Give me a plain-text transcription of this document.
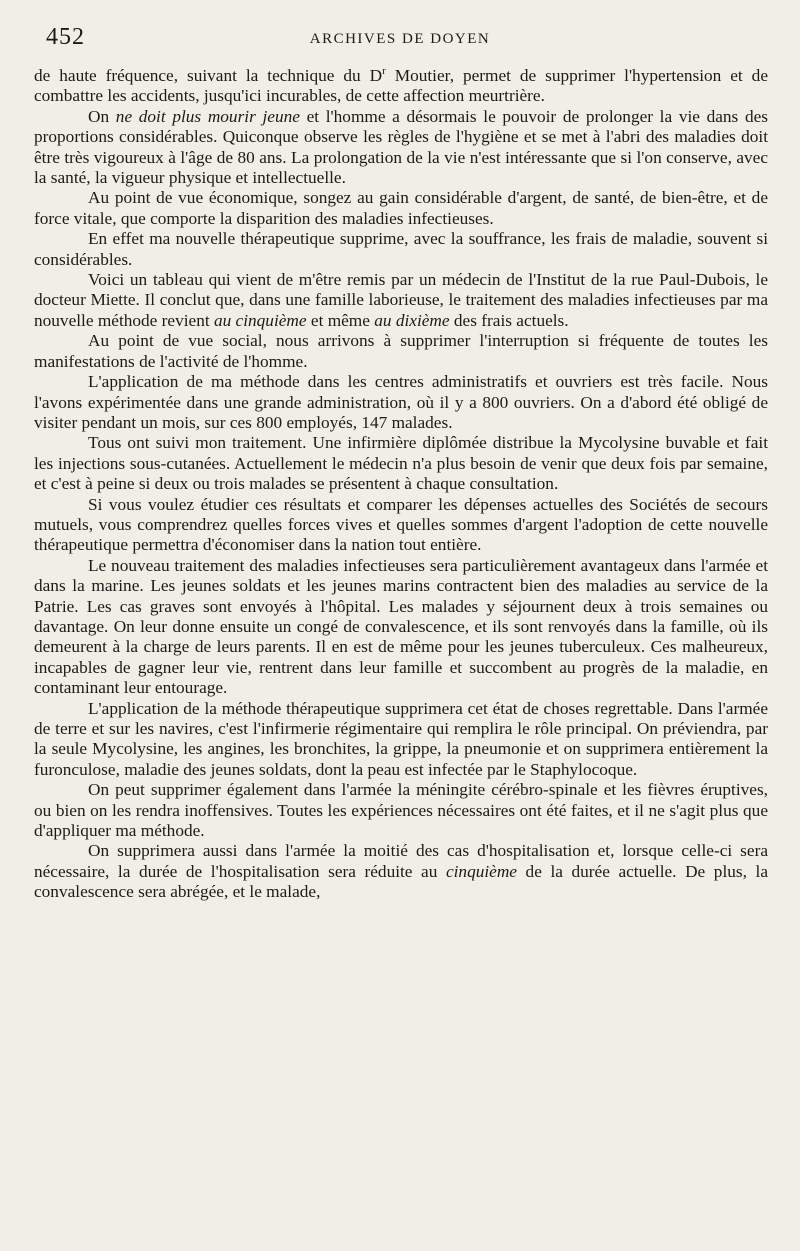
452	ARCHIVES DE DOYEN

de haute fréquence, suivant la technique du $D^r$ Moutier, permet de supprimer l'hypertension et de combattre les accidents, jusqu'ici incurables, de cette affection meurtrière.

On ne doit plus mourir jeune et l'homme a désormais le pouvoir de prolonger la vie dans des proportions considérables. Quiconque observe les règles de l'hygiène et se met à l'abri des maladies doit être très vigoureux à l'âge de 80 ans. La prolongation de la vie n'est intéressante que si l'on conserve, avec la santé, la vigueur physique et intellectuelle.

Au point de vue économique, songez au gain considérable d'argent, de santé, de bien-être, et de force vitale, que comporte la disparition des maladies infectieuses.

En effet ma nouvelle thérapeutique supprime, avec la souffrance, les frais de maladie, souvent si considérables.

Voici un tableau qui vient de m'être remis par un médecin de l'Institut de la rue Paul-Dubois, le docteur Miette. Il conclut que, dans une famille laborieuse, le traitement des maladies infectieuses par ma nouvelle méthode revient au cinquième et même au dixième des frais actuels.

Au point de vue social, nous arrivons à supprimer l'interruption si fréquente de toutes les manifestations de l'activité de l'homme.

L'application de ma méthode dans les centres administratifs et ouvriers est très facile. Nous l'avons expérimentée dans une grande administration, où il y a 800 ouvriers. On a d'abord été obligé de visiter pendant un mois, sur ces 800 employés, 147 malades.

Tous ont suivi mon traitement. Une infirmière diplômée distribue la Mycolysine buvable et fait les injections sous-cutanées. Actuellement le médecin n'a plus besoin de venir que deux fois par semaine, et c'est à peine si deux ou trois malades se présentent à chaque consultation.

Si vous voulez étudier ces résultats et comparer les dépenses actuelles des Sociétés de secours mutuels, vous comprendrez quelles forces vives et quelles sommes d'argent l'adoption de cette nouvelle thérapeutique permettra d'économiser dans la nation tout entière.

Le nouveau traitement des maladies infectieuses sera particulièrement avantageux dans l'armée et dans la marine. Les jeunes soldats et les jeunes marins contractent bien des maladies au service de la Patrie. Les cas graves sont envoyés à l'hôpital. Les malades y séjournent deux à trois semaines ou davantage. On leur donne ensuite un congé de convalescence, et ils sont renvoyés dans la famille, où ils demeurent à la charge de leurs parents. Il en est de même pour les jeunes tuberculeux. Ces malheureux, incapables de gagner leur vie, rentrent dans leur famille et succombent au progrès de la maladie, en contaminant leur entourage.

L'application de la méthode thérapeutique supprimera cet état de choses regrettable. Dans l'armée de terre et sur les navires, c'est l'infirmerie régimentaire qui remplira le rôle principal. On préviendra, par la seule Mycolysine, les angines, les bronchites, la grippe, la pneumonie et on supprimera entièrement la furonculose, maladie des jeunes soldats, dont la peau est infectée par le Staphylocoque.

On peut supprimer également dans l'armée la méningite cérébro-spinale et les fièvres éruptives, ou bien on les rendra inoffensives. Toutes les expériences nécessaires ont été faites, et il ne s'agit plus que d'appliquer ma méthode.

On supprimera aussi dans l'armée la moitié des cas d'hospitalisation et, lorsque celle-ci sera nécessaire, la durée de l'hospitalisation sera réduite au cinquième de la durée actuelle. De plus, la convalescence sera abrégée, et le malade,
